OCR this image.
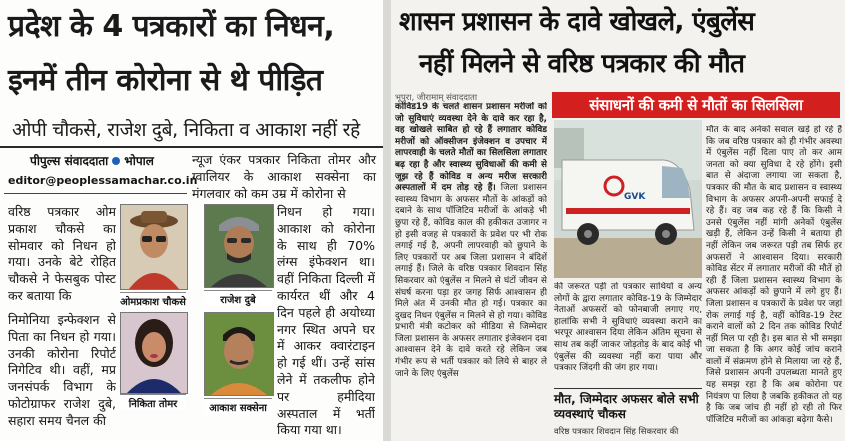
प्रदेश के 4 पत्रकारों का निधन,
इनमें तीन कोरोना से थे पीड़ित
ओपी चौकसे, राजेश दुबे, निकिता व आकाश नहीं रहे
पीपुल्स संवाददाता भोपाल
editor@peoplessamachar.co.in
न्यूज एंकर पत्रकार निकिता तोमर और ग्वालियर के आकाश सक्सेना का मंगलवार को कम उम्र में कोरोना से
वरिष्ठ पत्रकार ओम प्रकाश चौकसे का सोमवार को निधन हो गया। उनके बेटे रोहित चौकसे ने फेसबुक पोस्ट कर बताया कि
निमोनिया इन्फेक्शन से पिता का निधन हो गया। उनकी कोरोना रिपोर्ट निगेटिव थी। वहीं, मप्र जनसंपर्क विभाग के फोटोग्राफर राजेश दुबे, सहारा समय चैनल की
निधन हो गया। आकाश को कोरोना के साथ ही 70% लंग्स इंफेक्शन था। वहीं निकिता दिल्ली में कार्यरत थीं और 4 दिन पहले ही अयोध्या नगर स्थित अपने घर में आकर क्वारंटाइन हो गई थीं। उन्हें सांस लेने में तकलीफ होने पर हमीदिया अस्पताल में भर्ती किया गया था।
ओमप्रकाश चौकसे	राजेश दुबे
निकिता तोमर	आकाश सक्सेना
शासन प्रशासन के दावे खोखले, एंबुलेंस
नहीं मिलने से वरिष्ठ पत्रकार की मौत
भूपुरा, जीरामाम् संवाददाता
कोविड19 के चलते शासन प्रशासन मरीजों को जो सुविधाएं व्यवस्था देने के दावे कर रहा है, वह खोखले साबित हो रहे हैं लगातार कोविड मरीजों को ऑक्सीजन इंजेक्शन व उपचार में लापरवाही के चलते मौतों का सिलसिला लगातार बढ़ रहा है और स्वास्थ्य सुविधाओं की कमी से जूझ रहे हैं कोविड व अन्य मरीज सरकारी अस्पतालों में दम तोड़ रहे हैं। जिला प्रशासन स्वास्थ्य विभाग के अफसर मौतों के आंकड़ों को दबाने के साथ पॉजिटिव मरीजों के आंकड़े भी छुपा रहे हैं, कोविड काल की हकीकत उजागर न हो इसी वजह से पत्रकारों के प्रवेश पर भी रोक लगाई गई है, अपनी लापरवाही को छुपाने के लिए पत्रकारों पर अब जिला प्रशासन ने बंदिशें लगाई हैं। जिले के वरिष्ठ पत्रकार शिवदान सिंह सिकरवार को एंबुलेंस न मिलने से घंटों जीवन से संघर्ष करना पड़ा हर जगह सिर्फ आश्वासन ही मिले अंत में उनकी मौत हो गई। पत्रकार का दुखद निधन एंबुलेंस न मिलने से हो गया। कोविड प्रभारी मंत्री कटोकर को मीडिया से जिम्मेदार जिला प्रशासन के अफसर लगातार इंजेक्शन दवा आश्वासन देने के दावे करते रहे लेकिन जब गंभीर रूप से भर्ती पत्रकार को लिये से बाहर ले जाने के लिए एंबुलेंस
संसाधनों की कमी से मौतों का सिलसिला
GVK
की जरूरत पड़ी तो पत्रकार साथियों व अन्य लोगों के द्वारा लगातार कोविड-19 के जिम्मेदार नेताओं अफसरों को फोनबाजी लगाए गए, हालांकि सभी ने सुविधाएं व्यवस्था कराने का भरपूर आश्वासन दिया लेकिन अंतिम सूचना से साथ तब कहीं जाकर जोड़तोड़ के बाद कोई भी एंबुलेंस की व्यवस्था नहीं करा पाया और पत्रकार जिंदगी की जंग हार गया।
मौत, जिम्मेदार अफसर बोले सभी व्यवस्थाएं चौकस
वरिष्ठ पत्रकार शिवदान सिंह सिकरवार की
मौत के बाद अनेकों सवाल खड़े हो रहे हैं कि जब वरिष्ठ पत्रकार को ही गंभीर अवस्था में एंबुलेंस नहीं दिला पाए तो कर आम जनता को क्या सुविधा दे रहे होंगे। इसी बात से अंदाजा लगाया जा सकता है, पत्रकार की मौत के बाद प्रशासन व स्वास्थ्य विभाग के अफसर अपनी-अपनी सफाई दे रहे हैं। वह जब कह रहे हैं कि किसी ने उनसे एंबुलेंस नहीं मांगी अनेकों एंबुलेंस खड़ी हैं, लेकिन उन्हें किसी ने बताया ही नहीं लेकिन जब जरूरत पड़ी तब सिर्फ हर अफसरों ने आश्वासन दिया। सरकारी कोविड सेंटर में लगातार मरीजों की मौतें हो रही हैं जिला प्रशासन स्वास्थ्य विभाग के अफसर आंकड़ों को छुपाने में लगे हुए हैं। जिला प्रशासन व पत्रकारों के प्रवेश पर जहां रोक लगाई गई है, वहीं कोविड-19 टेस्ट कराने वालों को 2 दिन तक कोविड रिपोर्ट नहीं मिल पा रही है। इस बात से भी समझा जा सकता है कि अगर कोई जांच कराने वालों में संक्रमण होने से मिलाया जा रहे हैं, जिसे प्रशासन अपनी उपलब्धता मानते हुए यह समझ रहा है कि अब कोरोना पर नियंत्रण पा लिया है जबकि हकीकत तो यह है कि जब जांच ही नहीं हो रही तो फिर पॉजिटिव मरीजों का आंकड़ा बढ़ेगा कैसे।
